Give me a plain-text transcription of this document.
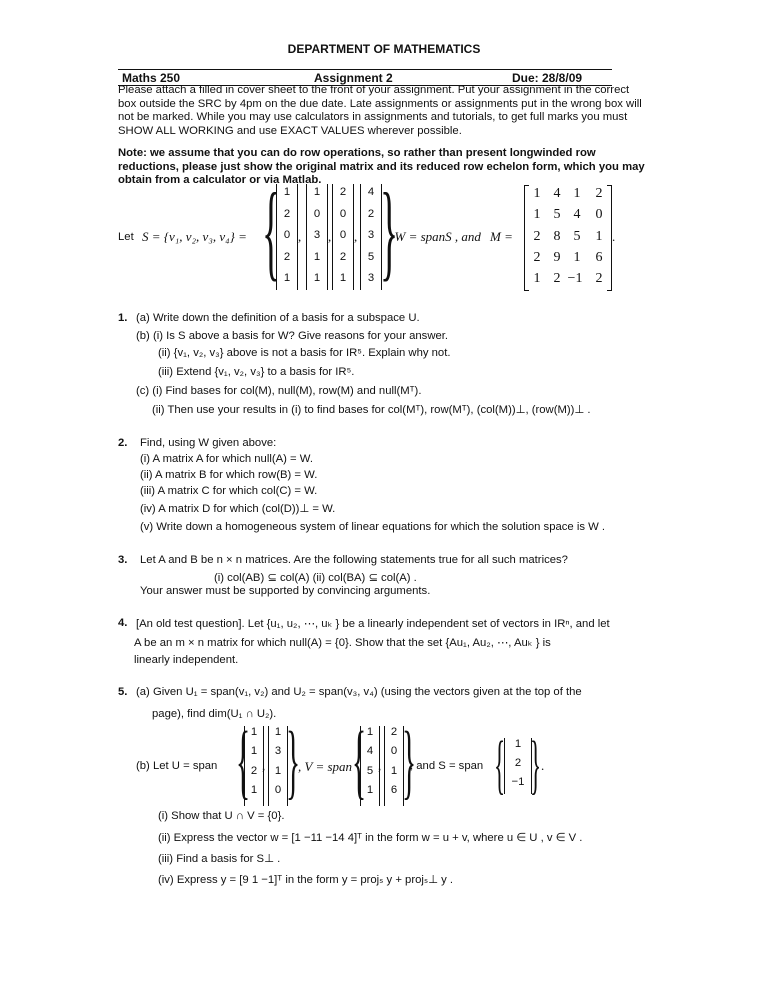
DEPARTMENT OF MATHEMATICS
Maths 250	Assignment 2	Due: 28/8/09
Please attach a filled in cover sheet to the front of your assignment. Put your assignment in the correct box outside the SRC by 4pm on the due date. Late assignments or assignments put in the wrong box will not be marked. While you may use calculators in assignments and tutorials, to get full marks you must SHOW ALL WORKING and use EXACT VALUES wherever possible.
Note: we assume that you can do row operations, so rather than present longwinded row reductions, please just show the original matrix and its reduced row echelon form, which you may obtain from a calculator or via Matlab.
Let S = {v₁, v₂, v₃, v₄} =
1
2
0
2
1
,
1
0
3
1
1
,
2
0
0
2
1
,
4
2
3
5
3
{ }
, W = spanS , and M =
1 4 1	2
1 5 4	0
2 8 5	1
2 9 1	6
1 2 −1 2
.
1. (a) Write down the definition of a basis for a subspace U.
(b) (i) Is S above a basis for W? Give reasons for your answer.
(ii) {v₁, v₂, v₃} above is not a basis for IR⁵. Explain why not.
(iii) Extend {v₁, v₂, v₃} to a basis for IR⁵.
(c) (i) Find bases for col(M), null(M), row(M) and null(Mᵀ).
(ii) Then use your results in (i) to find bases for col(Mᵀ), row(Mᵀ), (col(M))⊥, (row(M))⊥ .
2. Find, using W given above:
(i) A matrix A for which null(A) = W.
(ii) A matrix B for which row(B) = W.
(iii) A matrix C for which col(C) = W.
(iv) A matrix D for which (col(D))⊥ = W.
(v) Write down a homogeneous system of linear equations for which the solution space is W .
3. Let A and B be n × n matrices. Are the following statements true for all such matrices?
(i) col(AB) ⊆ col(A) (ii) col(BA) ⊆ col(A) .
Your answer must be supported by convincing arguments.
4. [An old test question]. Let {u₁, u₂, ⋯, uₖ } be a linearly independent set of vectors in IRⁿ, and let
A be an m × n matrix for which null(A) = {0}. Show that the set {Au₁, Au₂, ⋯, Auₖ } is
linearly independent.
5. (a) Given U₁ = span(v₁, v₂) and U₂ = span(v₃, v₄) (using the vectors given at the top of the
page), find dim(U₁ ∩ U₂).
(b) Let U = span { 1
1
2
1
,
1
3
1
0 }
, V = span { 1
4
5
1
,
2
0
1
6 }
, and S = span { 1
2
−1 } .
(i) Show that U ∩ V = {0}.
(ii) Express the vector w = [1 −11 −14 4]ᵀ in the form w = u + v, where u ∈ U , v ∈ V .
(iii) Find a basis for S⊥ .
(iv) Express y = [9 1 −1]ᵀ in the form y = projₛ y + projₛ⊥ y .
